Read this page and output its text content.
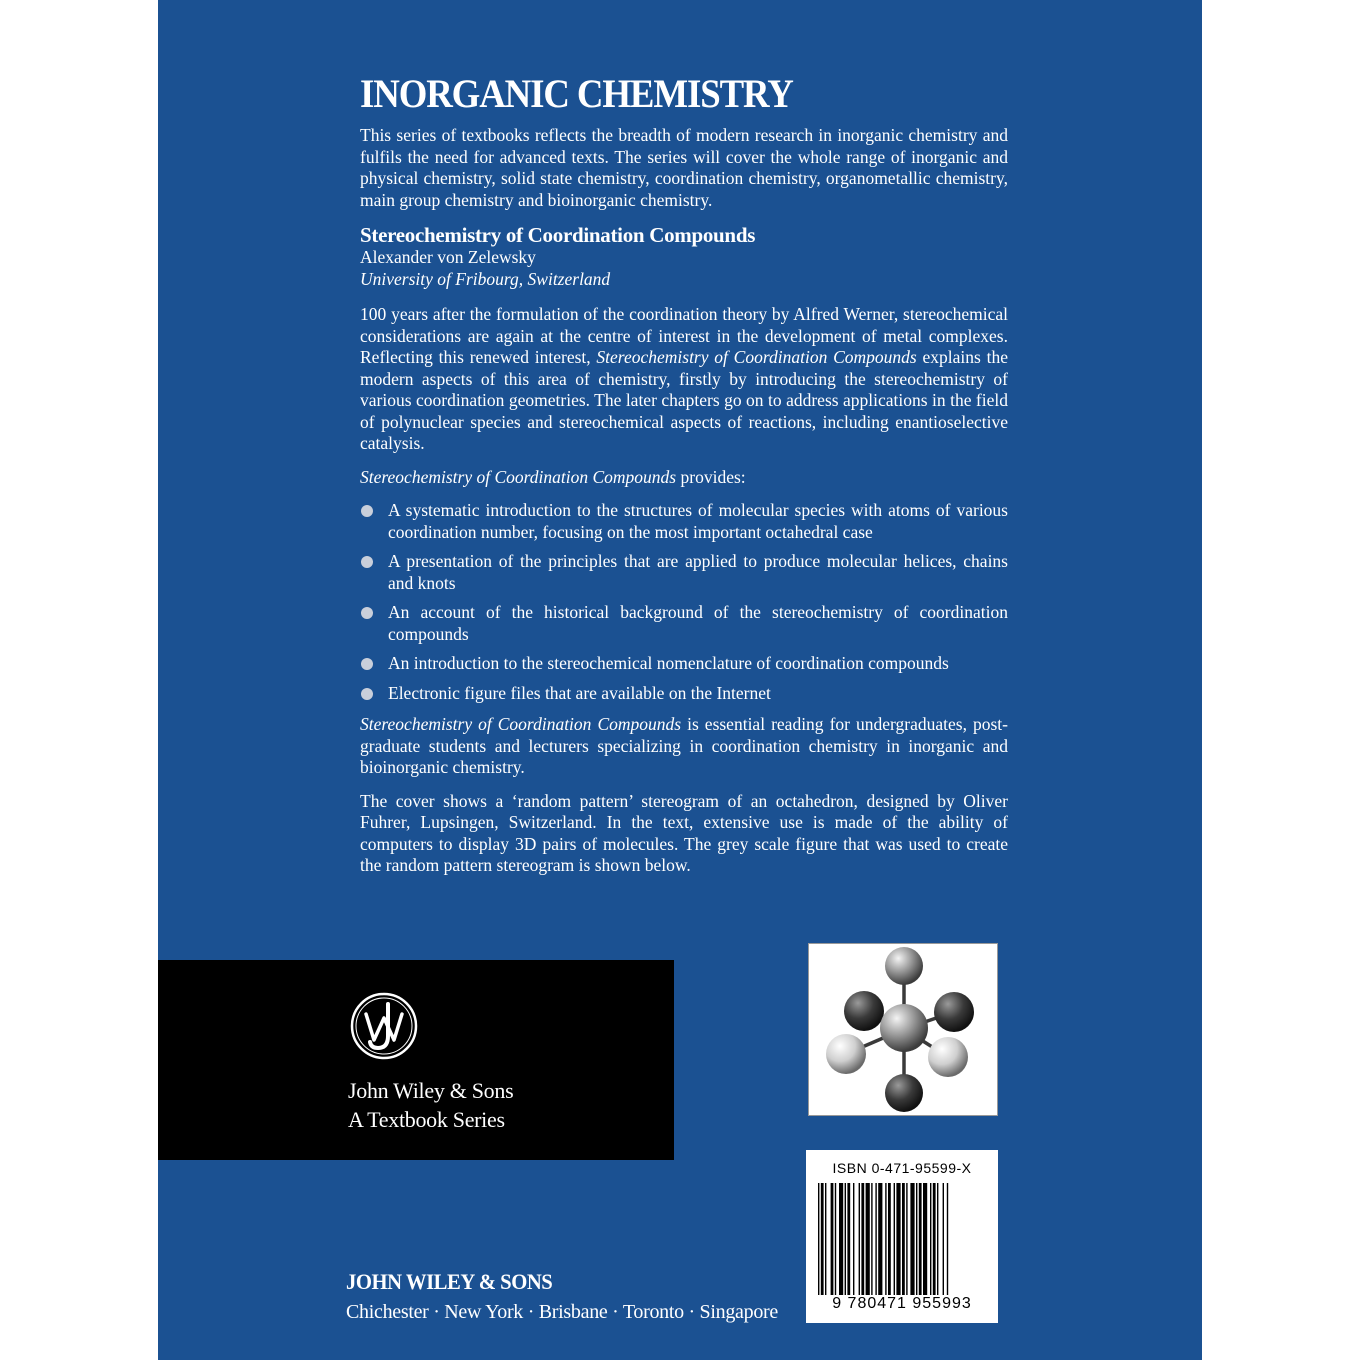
INORGANIC CHEMISTRY

This series of textbooks reflects the breadth of modern research in inorganic chemistry and fulfils the need for advanced texts. The series will cover the whole range of inorganic and physical chemistry, solid state chemistry, coordination chemistry, organometallic chemistry, main group chemistry and bioinorganic chemistry.

Stereochemistry of Coordination Compounds

Alexander von Zelewsky

University of Fribourg, Switzerland

100 years after the formulation of the coordination theory by Alfred Werner, stereochemical considerations are again at the centre of interest in the development of metal complexes. Reflecting this renewed interest, Stereochemistry of Coordination Compounds explains the modern aspects of this area of chemistry, firstly by introducing the stereochemistry of various coordination geometries. The later chapters go on to address applications in the field of polynuclear species and stereochemical aspects of reactions, including enantioselective catalysis.

Stereochemistry of Coordination Compounds provides:

A systematic introduction to the structures of molecular species with atoms of various coordination number, focusing on the most important octahedral case
A presentation of the principles that are applied to produce molecular helices, chains and knots
An account of the historical background of the stereochemistry of coordination compounds
An introduction to the stereochemical nomenclature of coordination compounds
Electronic figure files that are available on the Internet

Stereochemistry of Coordination Compounds is essential reading for undergraduates, post-graduate students and lecturers specializing in coordination chemistry in inorganic and bioinorganic chemistry.

The cover shows a ‘random pattern’ stereogram of an octahedron, designed by Oliver Fuhrer, Lupsingen, Switzerland. In the text, extensive use is made of the ability of computers to display 3D pairs of molecules. The grey scale figure that was used to create the random pattern stereogram is shown below.

John Wiley & Sons
A Textbook Series
ISBN 0-471-95599-X
9 780471 955993
JOHN WILEY & SONS
Chichester · New York · Brisbane · Toronto · Singapore
